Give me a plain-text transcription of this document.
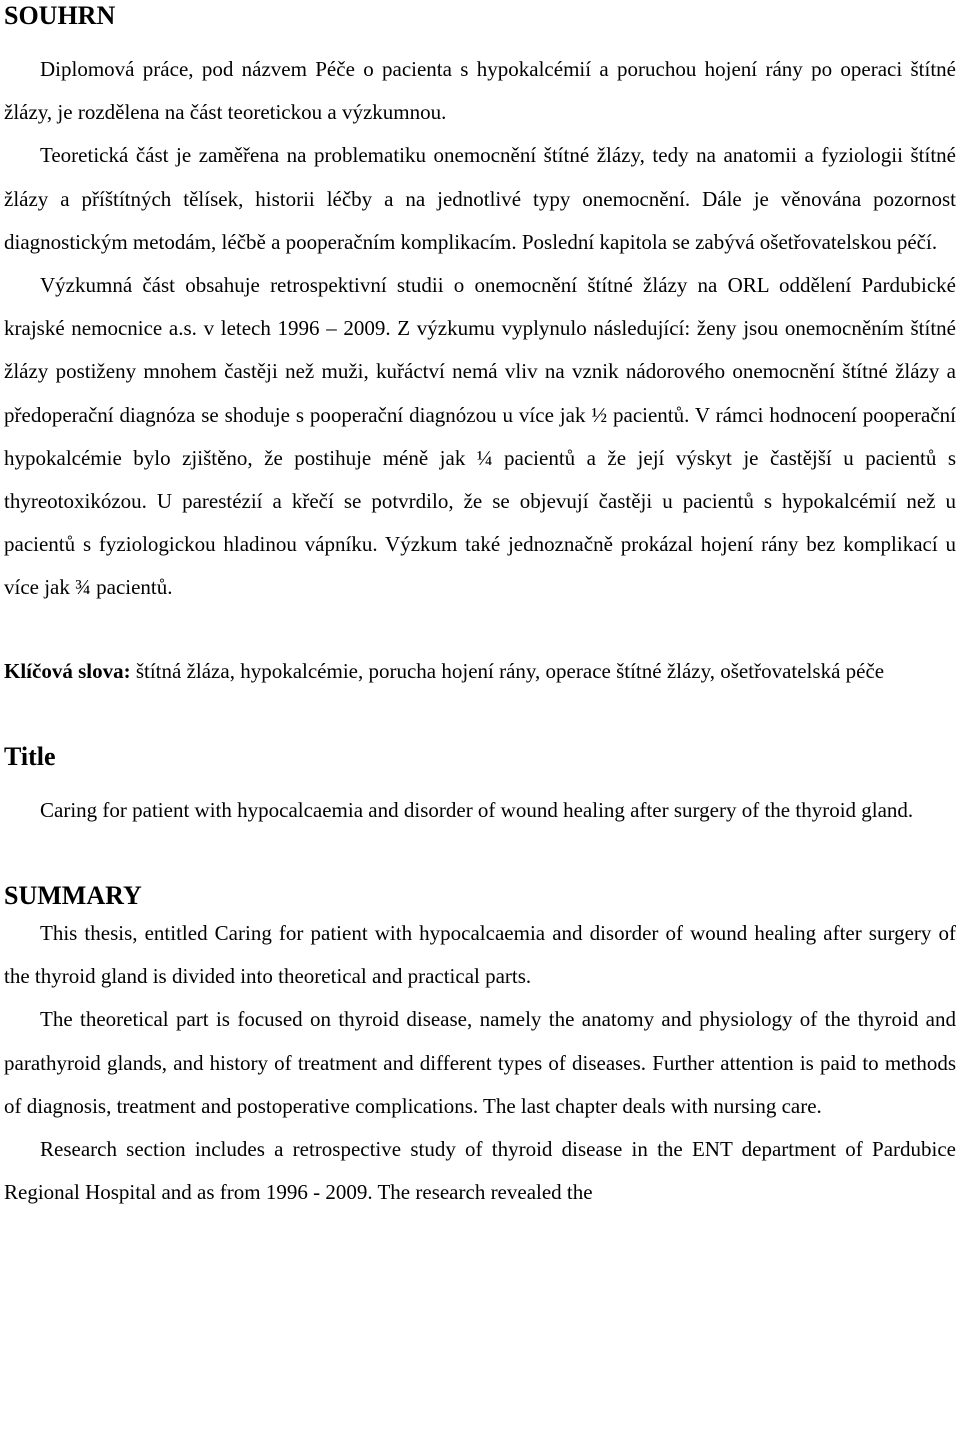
SOUHRN

Diplomová práce, pod názvem Péče o pacienta s hypokalcémií a poruchou hojení rány po operaci štítné žlázy, je rozdělena na část teoretickou a výzkumnou.

Teoretická část je zaměřena na problematiku onemocnění štítné žlázy, tedy na anatomii a fyziologii štítné žlázy a příštítných tělísek, historii léčby a na jednotlivé typy onemocnění. Dále je věnována pozornost diagnostickým metodám, léčbě a pooperačním komplikacím. Poslední kapitola se zabývá ošetřovatelskou péčí.

Výzkumná část obsahuje retrospektivní studii o onemocnění štítné žlázy na ORL oddělení Pardubické krajské nemocnice a.s. v letech 1996 – 2009. Z výzkumu vyplynulo následující: ženy jsou onemocněním štítné žlázy postiženy mnohem častěji než muži, kuřáctví nemá vliv na vznik nádorového onemocnění štítné žlázy a předoperační diagnóza se shoduje s pooperační diagnózou u více jak ½ pacientů. V rámci hodnocení pooperační hypokalcémie bylo zjištěno, že postihuje méně jak ¼ pacientů a že její výskyt je častější u pacientů s thyreotoxikózou. U parestézií a křečí se potvrdilo, že se objevují častěji u pacientů s hypokalcémií než u pacientů s fyziologickou hladinou vápníku. Výzkum také jednoznačně prokázal hojení rány bez komplikací u více jak ¾ pacientů.

Klíčová slova: štítná žláza, hypokalcémie, porucha hojení rány, operace štítné žlázy, ošetřovatelská péče

Title

Caring for patient with hypocalcaemia and disorder of wound healing after surgery of the thyroid gland.

SUMMARY

This thesis, entitled Caring for patient with hypocalcaemia and disorder of wound healing after surgery of the thyroid gland is divided into theoretical and practical parts.

The theoretical part is focused on thyroid disease, namely the anatomy and physiology of the thyroid and parathyroid glands, and history of treatment and different types of diseases. Further attention is paid to methods of diagnosis, treatment and postoperative complications. The last chapter deals with nursing care.

Research section includes a retrospective study of thyroid disease in the ENT department of Pardubice Regional Hospital and as from 1996 - 2009. The research revealed the
